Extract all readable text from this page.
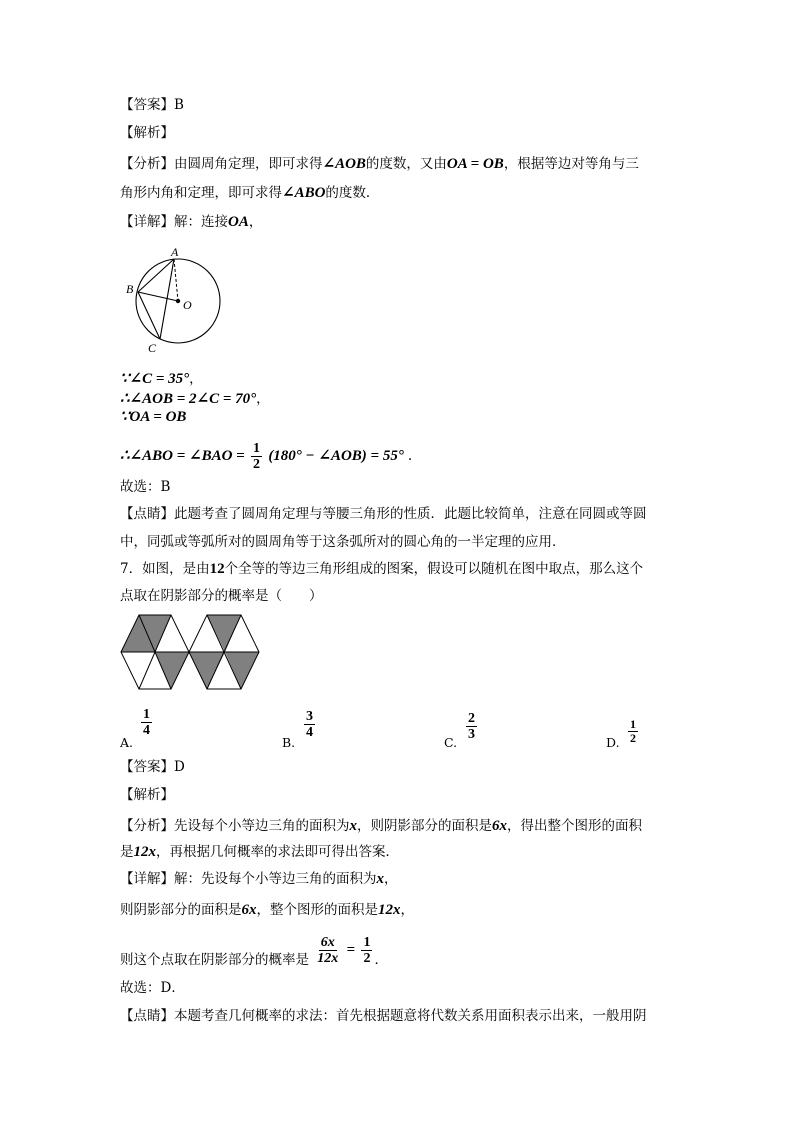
【答案】B
【解析】
【分析】由圆周角定理，即可求得∠AOB的度数，又由OA = OB，根据等边对等角与三
角形内角和定理，即可求得∠ABO的度数．
【详解】解：连接OA，
A
B
C
O
∵∠C = 35°，
∴∠AOB = 2∠C = 70°，
∵OA = OB
∴∠ABO = ∠BAO = $\frac{1}{2} (180^\circ$ − ∠AOB) = 55° .
故选：B
【点睛】此题考查了圆周角定理与等腰三角形的性质．此题比较简单，注意在同圆或等圆
中，同弧或等弧所对的圆周角等于这条弧所对的圆心角的一半定理的应用．
7．如图，是由12个全等的等边三角形组成的图案，假设可以随机在图中取点，那么这个
点取在阴影部分的概率是（　　）
A.
$\frac{1}{4}$
B.
$\frac{3}{4}$
C.
$\frac{2}{3}$
D. $\frac{1}{2}$
【答案】D
【解析】
【分析】先设每个小等边三角的面积为x，则阴影部分的面积是6x，得出整个图形的面积
是12x，再根据几何概率的求法即可得出答案．
【详解】解：先设每个小等边三角的面积为x，
则阴影部分的面积是6x，整个图形的面积是12x，
则这个点取在阴影部分的概率是 $\frac{6x}{12x} = \frac{1}{2}$ ．
故选：D．
【点睛】本题考查几何概率的求法：首先根据题意将代数关系用面积表示出来，一般用阴
